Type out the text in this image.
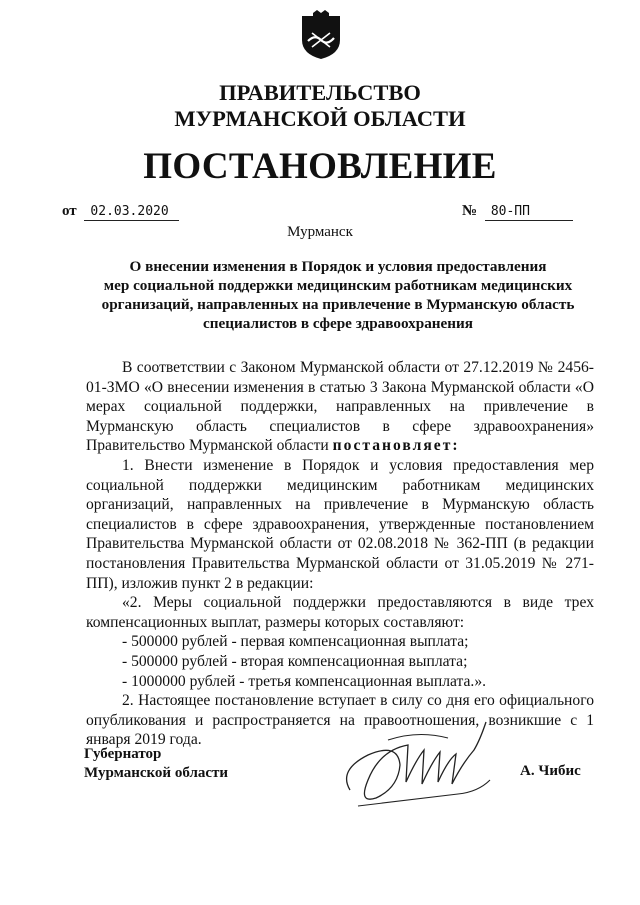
ПРАВИТЕЛЬСТВО
МУРМАНСКОЙ ОБЛАСТИ
ПОСТАНОВЛЕНИЕ
от 02.03.2020	№ 80-ПП
Мурманск
О внесении изменения в Порядок и условия предоставления
мер социальной поддержки медицинским работникам медицинских
организаций, направленных на привлечение в Мурманскую область
специалистов в сфере здравоохранения

В соответствии с Законом Мурманской области от 27.12.2019 № 2456-01-ЗМО «О внесении изменения в статью 3 Закона Мурманской области «О мерах социальной поддержки, направленных на привлечение в Мурманскую область специалистов в сфере здравоохранения» Правительство Мурманской области постановляет:

1. Внести изменение в Порядок и условия предоставления мер социальной поддержки медицинским работникам медицинских организаций, направленных на привлечение в Мурманскую область специалистов в сфере здравоохранения, утвержденные постановлением Правительства Мурманской области от 02.08.2018 № 362-ПП (в редакции постановления Правительства Мурманской области от 31.05.2019 № 271-ПП), изложив пункт 2 в редакции:

«2. Меры социальной поддержки предоставляются в виде трех компенсационных выплат, размеры которых составляют:

- 500000 рублей - первая компенсационная выплата;

- 500000 рублей - вторая компенсационная выплата;

- 1000000 рублей - третья компенсационная выплата.».

2. Настоящее постановление вступает в силу со дня его официального опубликования и распространяется на правоотношения, возникшие с 1 января 2019 года.

Губернатор
Мурманской области	А. Чибис
